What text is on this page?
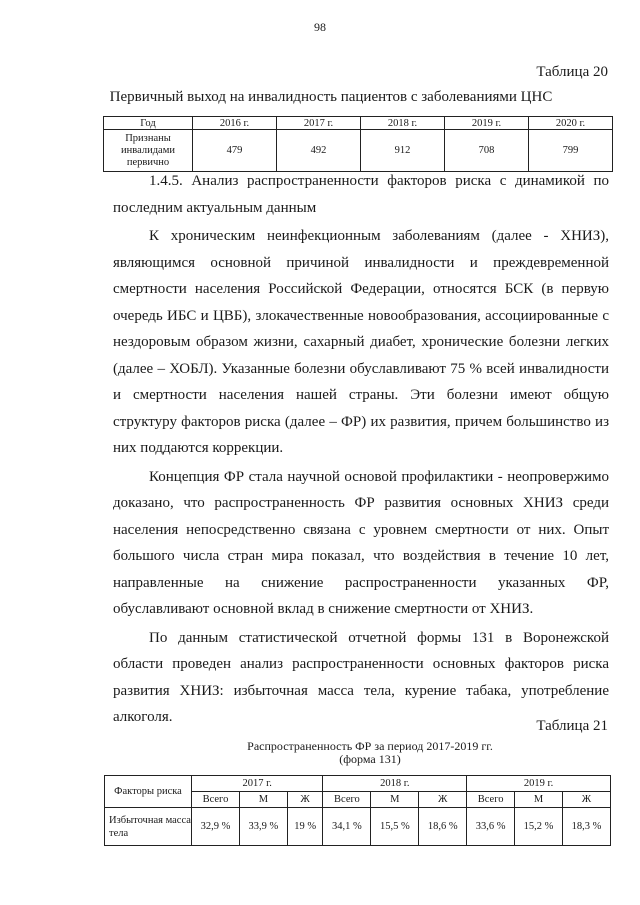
98
Таблица 20
Первичный выход на инвалидность пациентов с заболеваниями ЦНС
Год	2016 г.	2017 г.	2018 г.	2019 г.	2020 г.
Признаны инвалидами первично	479	492	912	708	799

1.4.5. Анализ распространенности факторов риска с динамикой по последним актуальным данным

К хроническим неинфекционным заболеваниям (далее - ХНИЗ), являющимся основной причиной инвалидности и преждевременной смертности населения Российской Федерации, относятся БСК (в первую очередь ИБС и ЦВБ), злокачественные новообразования, ассоциированные с нездоровым образом жизни, сахарный диабет, хронические болезни легких (далее – ХОБЛ). Указанные болезни обуславливают 75 % всей инвалидности и смертности населения нашей страны. Эти болезни имеют общую структуру факторов риска (далее – ФР) их развития, причем большинство из них поддаются коррекции.

Концепция ФР стала научной основой профилактики - неопровержимо доказано, что распространенность ФР развития основных ХНИЗ среди населения непосредственно связана с уровнем смертности от них. Опыт большого числа стран мира показал, что воздействия в течение 10 лет, направленные на снижение распространенности указанных ФР, обуславливают основной вклад в снижение смертности от ХНИЗ.

По данным статистической отчетной формы 131 в Воронежской области проведен анализ распространенности основных факторов риска развития ХНИЗ: избыточная масса тела, курение табака, употребление алкоголя.

Таблица 21
Распространенность ФР за период 2017-2019 гг.
(форма 131)
Факторы риска	2017 г.			2018 г.			2019 г.		
	Всего	М	Ж	Всего	М	Ж	Всего	М	Ж
Избыточная масса тела	32,9 %	33,9 %	19 %	34,1 %	15,5 %	18,6 %	33,6 %	15,2 %	18,3 %
